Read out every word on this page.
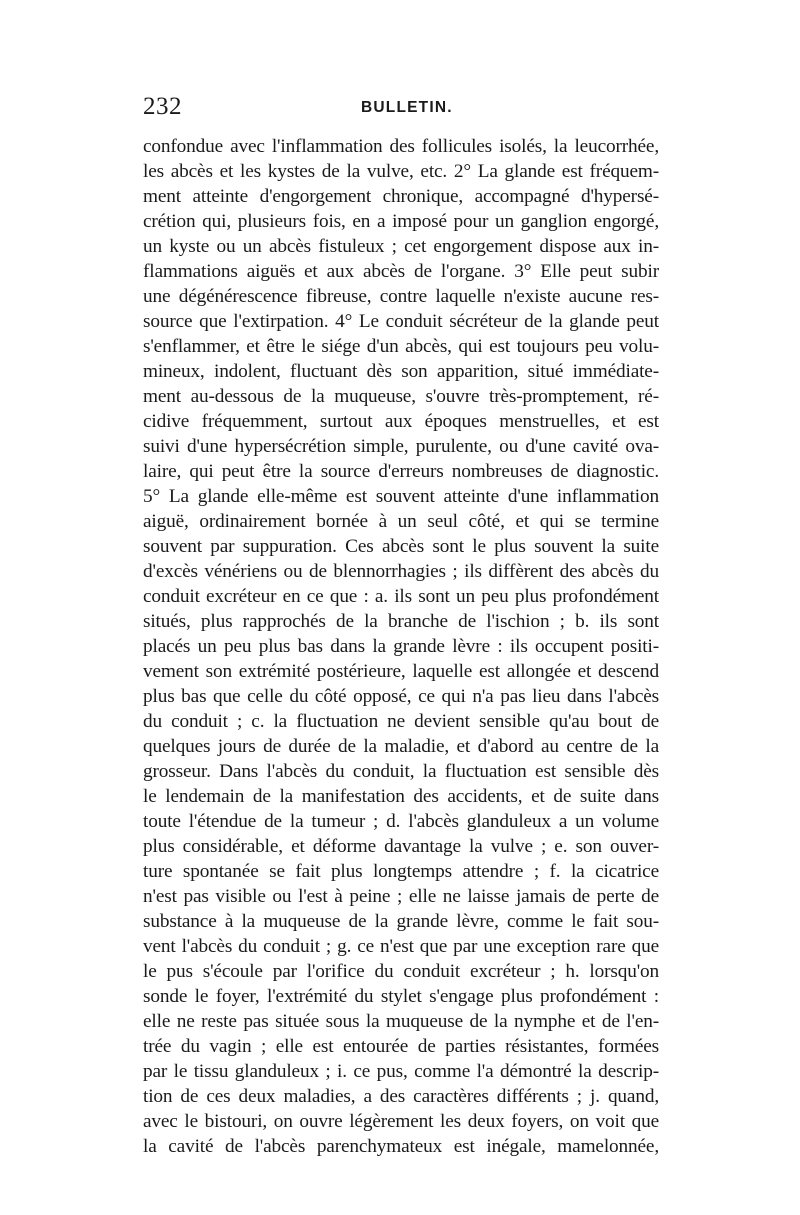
232	BULLETIN.
confondue avec l'inflammation des follicules isolés, la leucorrhée,
les abcès et les kystes de la vulve, etc. 2° La glande est fréquem-
ment atteinte d'engorgement chronique, accompagné d'hypersé-
crétion qui, plusieurs fois, en a imposé pour un ganglion engorgé,
un kyste ou un abcès fistuleux ; cet engorgement dispose aux in-
flammations aiguës et aux abcès de l'organe. 3° Elle peut subir
une dégénérescence fibreuse, contre laquelle n'existe aucune res-
source que l'extirpation. 4° Le conduit sécréteur de la glande peut
s'enflammer, et être le siége d'un abcès, qui est toujours peu volu-
mineux, indolent, fluctuant dès son apparition, situé immédiate-
ment au-dessous de la muqueuse, s'ouvre très-promptement, ré-
cidive fréquemment, surtout aux époques menstruelles, et est
suivi d'une hypersécrétion simple, purulente, ou d'une cavité ova-
laire, qui peut être la source d'erreurs nombreuses de diagnostic.
5° La glande elle-même est souvent atteinte d'une inflammation
aiguë, ordinairement bornée à un seul côté, et qui se termine
souvent par suppuration. Ces abcès sont le plus souvent la suite
d'excès vénériens ou de blennorrhagies ; ils diffèrent des abcès du
conduit excréteur en ce que : a. ils sont un peu plus profondément
situés, plus rapprochés de la branche de l'ischion ; b. ils sont
placés un peu plus bas dans la grande lèvre : ils occupent positi-
vement son extrémité postérieure, laquelle est allongée et descend
plus bas que celle du côté opposé, ce qui n'a pas lieu dans l'abcès
du conduit ; c. la fluctuation ne devient sensible qu'au bout de
quelques jours de durée de la maladie, et d'abord au centre de la
grosseur. Dans l'abcès du conduit, la fluctuation est sensible dès
le lendemain de la manifestation des accidents, et de suite dans
toute l'étendue de la tumeur ; d. l'abcès glanduleux a un volume
plus considérable, et déforme davantage la vulve ; e. son ouver-
ture spontanée se fait plus longtemps attendre ; f. la cicatrice
n'est pas visible ou l'est à peine ; elle ne laisse jamais de perte de
substance à la muqueuse de la grande lèvre, comme le fait sou-
vent l'abcès du conduit ; g. ce n'est que par une exception rare que
le pus s'écoule par l'orifice du conduit excréteur ; h. lorsqu'on
sonde le foyer, l'extrémité du stylet s'engage plus profondément :
elle ne reste pas située sous la muqueuse de la nymphe et de l'en-
trée du vagin ; elle est entourée de parties résistantes, formées
par le tissu glanduleux ; i. ce pus, comme l'a démontré la descrip-
tion de ces deux maladies, a des caractères différents ; j. quand,
avec le bistouri, on ouvre légèrement les deux foyers, on voit que
la cavité de l'abcès parenchymateux est inégale, mamelonnée,
